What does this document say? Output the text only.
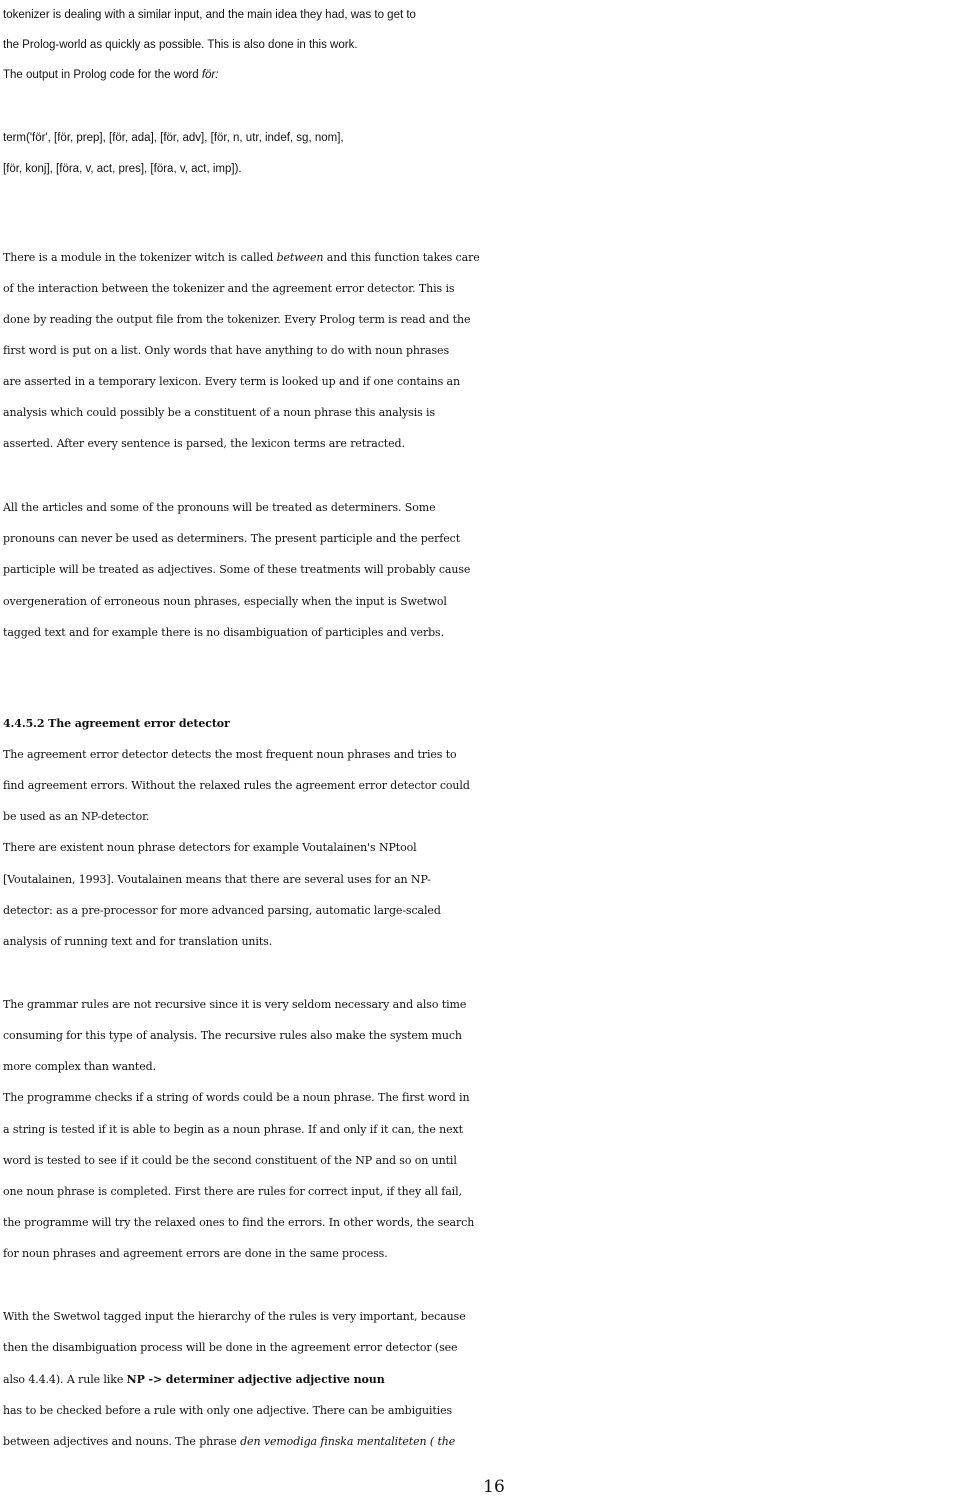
tokenizer is dealing with a similar input, and the main idea they had, was to get to
the Prolog-world as quickly as possible. This is also done in this work.
The output in Prolog code for the word för:
term('för', [för, prep], [för, ada], [för, adv], [för, n, utr, indef, sg, nom],
[för, konj], [föra, v, act, pres], [föra, v, act, imp]).
There is a module in the tokenizer witch is called between and this function takes care
of the interaction between the tokenizer and the agreement error detector. This is
done by reading the output file from the tokenizer. Every Prolog term is read and the
first word is put on a list. Only words that have anything to do with noun phrases
are asserted in a temporary lexicon. Every term is looked up and if one contains an
analysis which could possibly be a constituent of a noun phrase this analysis is
asserted. After every sentence is parsed, the lexicon terms are retracted.
All the articles and some of the pronouns will be treated as determiners. Some
pronouns can never be used as determiners. The present participle and the perfect
participle will be treated as adjectives. Some of these treatments will probably cause
overgeneration of erroneous noun phrases, especially when the input is Swetwol
tagged text and for example there is no disambiguation of participles and verbs.
4.4.5.2 The agreement error detector
The agreement error detector detects the most frequent noun phrases and tries to
find agreement errors. Without the relaxed rules the agreement error detector could
be used as an NP-detector.
There are existent noun phrase detectors for example Voutalainen's NPtool
[Voutalainen, 1993]. Voutalainen means that there are several uses for an NP-
detector: as a pre-processor for more advanced parsing, automatic large-scaled
analysis of running text and for translation units.
The grammar rules are not recursive since it is very seldom necessary and also time
consuming for this type of analysis. The recursive rules also make the system much
more complex than wanted.
The programme checks if a string of words could be a noun phrase. The first word in
a string is tested if it is able to begin as a noun phrase. If and only if it can, the next
word is tested to see if it could be the second constituent of the NP and so on until
one noun phrase is completed. First there are rules for correct input, if they all fail,
the programme will try the relaxed ones to find the errors. In other words, the search
for noun phrases and agreement errors are done in the same process.
With the Swetwol tagged input the hierarchy of the rules is very important, because
then the disambiguation process will be done in the agreement error detector (see
also 4.4.4). A rule like NP -> determiner adjective adjective noun
has to be checked before a rule with only one adjective. There can be ambiguities
between adjectives and nouns. The phrase den vemodiga finska mentaliteten ( the
16
